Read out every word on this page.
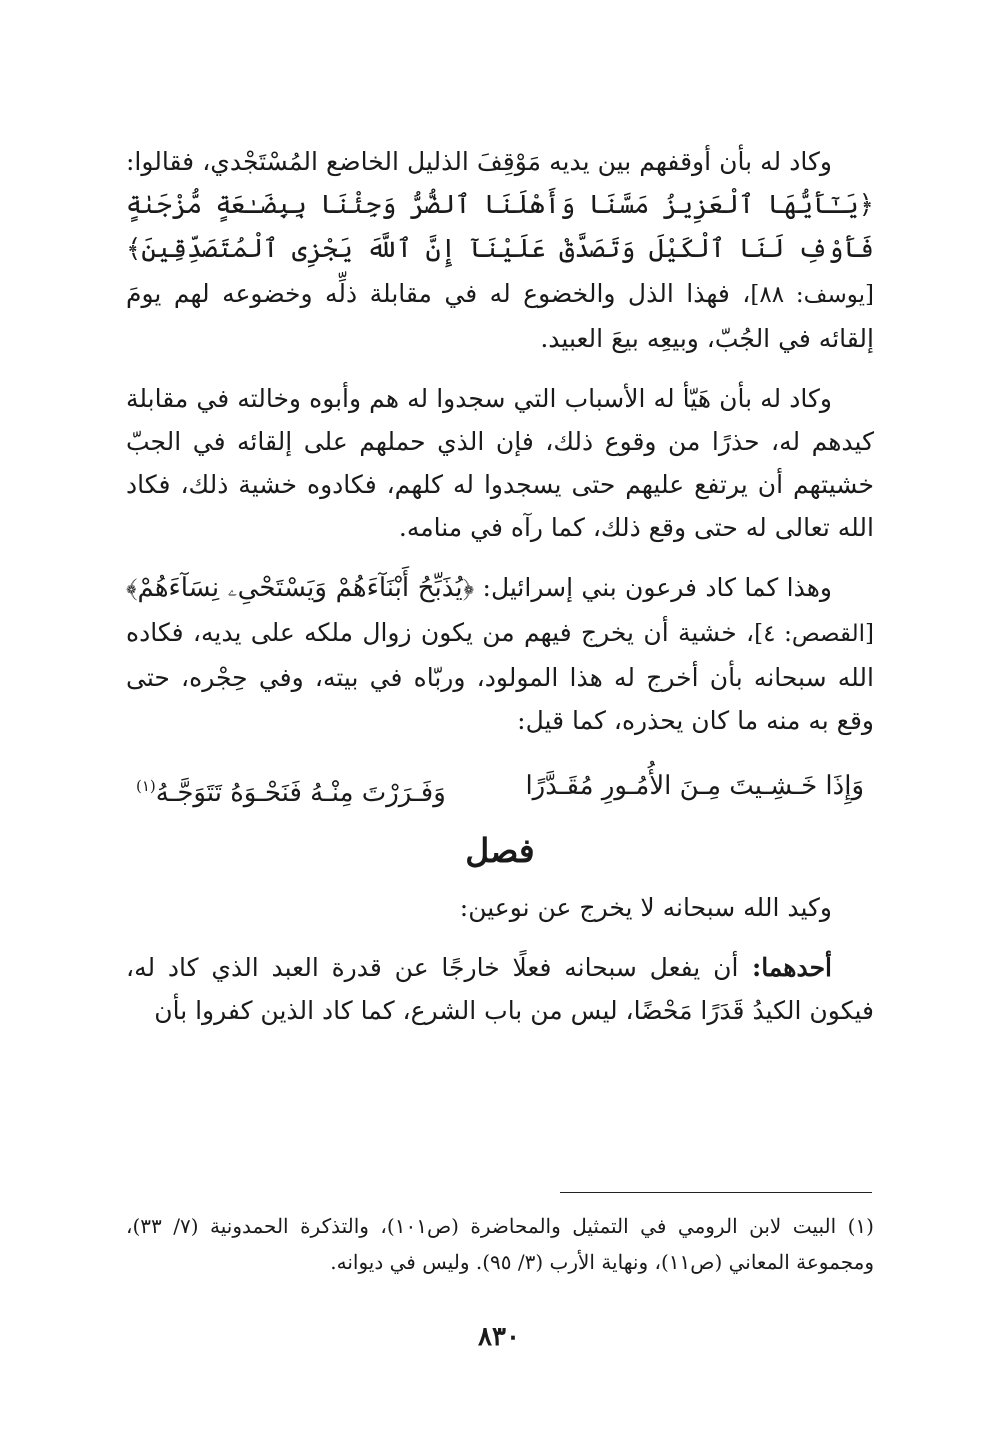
وكاد له بأن أوقفهم بين يديه مَوْقِفَ الذليل الخاضع المُسْتَجْدي، فقالوا: ﴿يَـٰٓأَيُّهَا ٱلْعَزِيزُ مَسَّنَا وَأَهْلَنَا ٱلضُّرُّ وَجِئْنَا بِبِضَـٰعَةٍ مُّزْجَىٰةٍ فَأَوْفِ لَنَا ٱلْكَيْلَ وَتَصَدَّقْ عَلَيْنَآ إِنَّ ٱللَّهَ يَجْزِى ٱلْمُتَصَدِّقِينَ﴾ [يوسف: ٨٨]، فهذا الذل والخضوع له في مقابلة ذلِّه وخضوعه لهم يومَ إلقائه في الجُبّ، وبيعِه بيعَ العبيد.

وكاد له بأن هَيّأ له الأسباب التي سجدوا له هم وأبوه وخالته في مقابلة كيدهم له، حذرًا من وقوع ذلك، فإن الذي حملهم على إلقائه في الجبّ خشيتهم أن يرتفع عليهم حتى يسجدوا له كلهم، فكادوه خشية ذلك، فكاد الله تعالى له حتى وقع ذلك، كما رآه في منامه.

وهذا كما كاد فرعون بني إسرائيل: ﴿يُذَبِّحُ أَبْنَآءَهُمْ وَيَسْتَحْىِۦ نِسَآءَهُمْ﴾ [القصص: ٤]، خشية أن يخرج فيهم من يكون زوال ملكه على يديه، فكاده الله سبحانه بأن أخرج له هذا المولود، وربّاه في بيته، وفي حِجْره، حتى وقع به منه ما كان يحذره، كما قيل:

وَإِذَا خَـشِـيتَ مِـنَ الأُمُـورِ مُقَـدَّرًا
وَفَـرَرْتَ مِنْـهُ فَنَحْـوَهُ تَتَوَجَّـهُ$^{(١)}$
فصل

وكيد الله سبحانه لا يخرج عن نوعين:

أحدهما: أن يفعل سبحانه فعلًا خارجًا عن قدرة العبد الذي كاد له، فيكون الكيدُ قَدَرًا مَحْضًا، ليس من باب الشرع، كما كاد الذين كفروا بأن

(١) البيت لابن الرومي في التمثيل والمحاضرة (ص١٠١)، والتذكرة الحمدونية (٧/ ٣٣)، ومجموعة المعاني (ص١١)، ونهاية الأرب (٣/ ٩٥). وليس في ديوانه.
٨٣٠
